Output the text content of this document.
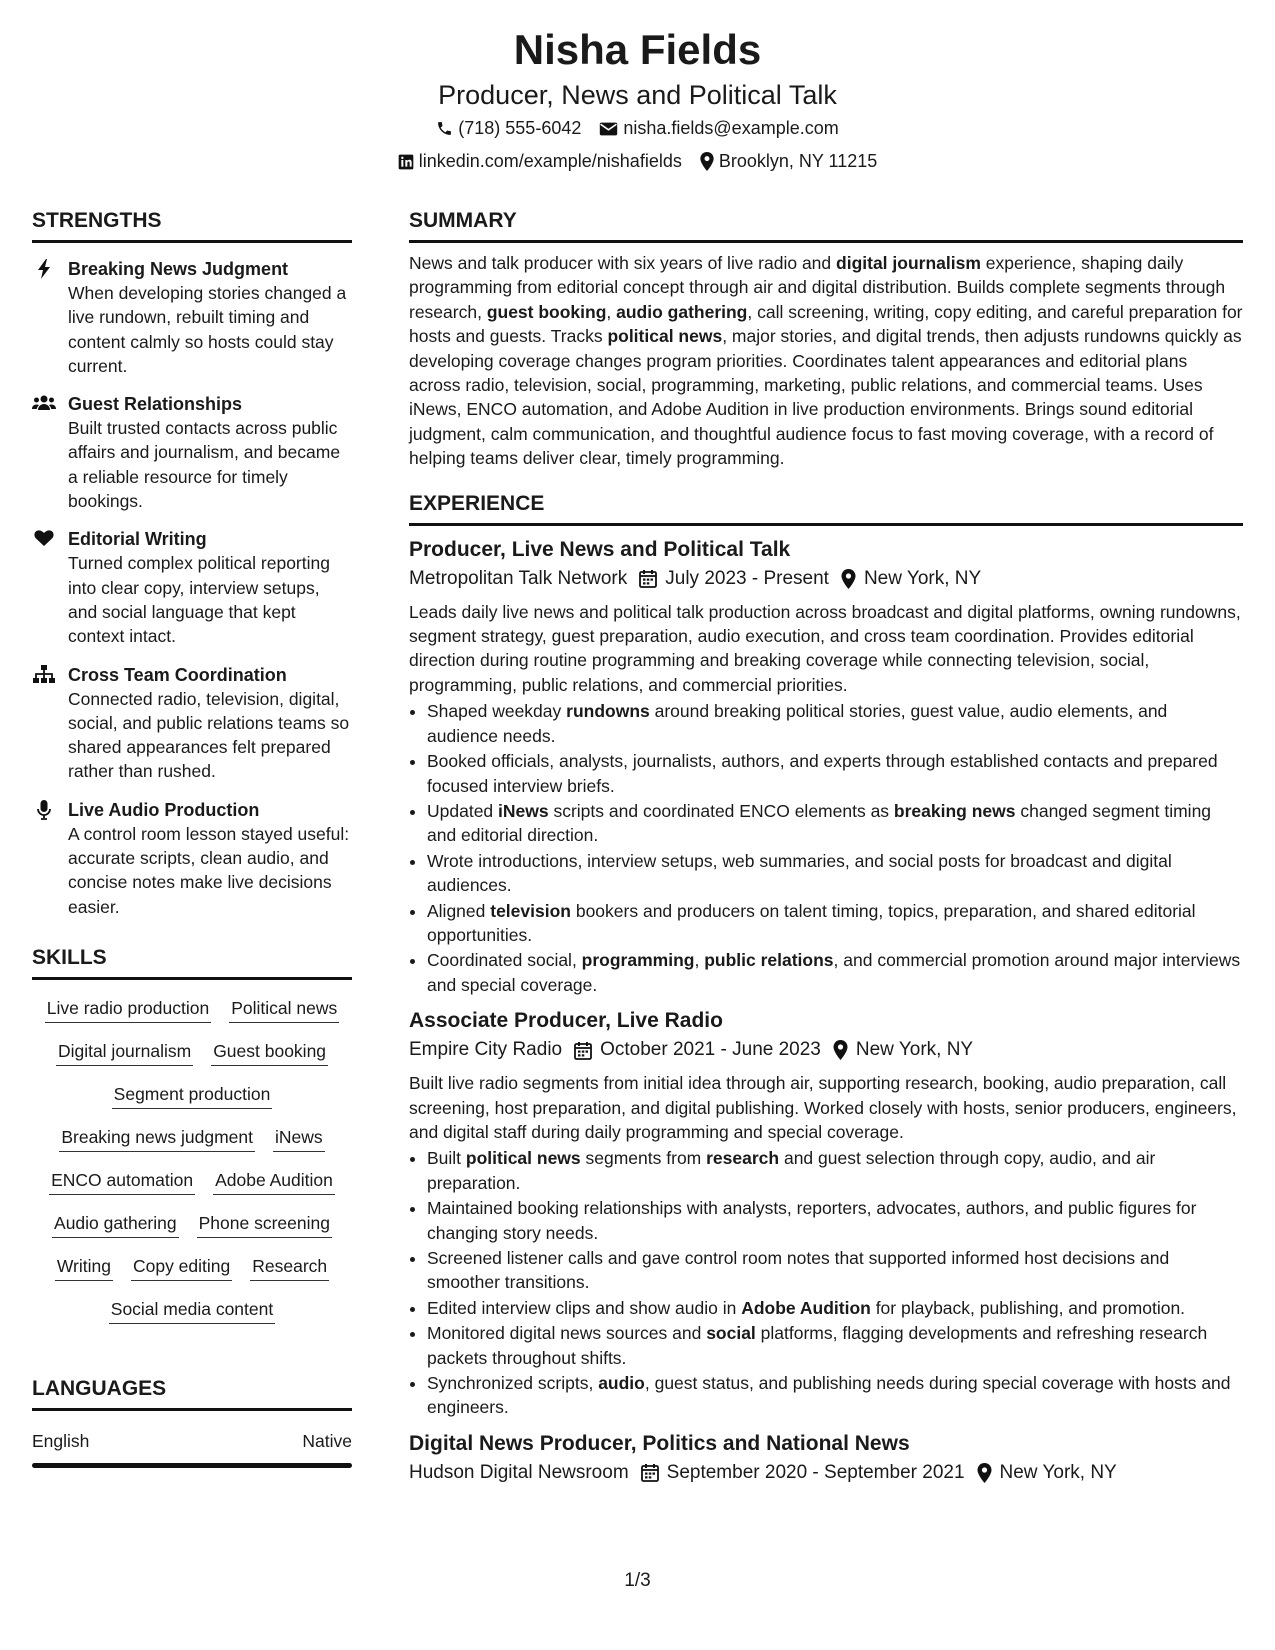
Nisha Fields
Producer, News and Political Talk
(718) 555-6042 nisha.fields@example.com
linkedin.com/example/nishafields Brooklyn, NY 11215
STRENGTHS
Breaking News Judgment
When developing stories changed a live rundown, rebuilt timing and content calmly so hosts could stay current.
Guest Relationships
Built trusted contacts across public affairs and journalism, and became a reliable resource for timely bookings.
Editorial Writing
Turned complex political reporting into clear copy, interview setups, and social language that kept context intact.
Cross Team Coordination
Connected radio, television, digital, social, and public relations teams so shared appearances felt prepared rather than rushed.
Live Audio Production
A control room lesson stayed useful: accurate scripts, clean audio, and concise notes make live decisions easier.
SKILLS
Live radio production Political news
Digital journalism Guest booking
Segment production
Breaking news judgment iNews
ENCO automation Adobe Audition
Audio gathering Phone screening
Writing Copy editing Research
Social media content
LANGUAGES
English	Native
SUMMARY
News and talk producer with six years of live radio and digital journalism experience, shaping daily programming from editorial concept through air and digital distribution. Builds complete segments through research, guest booking, audio gathering, call screening, writing, copy editing, and careful preparation for hosts and guests. Tracks political news, major stories, and digital trends, then adjusts rundowns quickly as developing coverage changes program priorities. Coordinates talent appearances and editorial plans across radio, television, social, programming, marketing, public relations, and commercial teams. Uses iNews, ENCO automation, and Adobe Audition in live production environments. Brings sound editorial judgment, calm communication, and thoughtful audience focus to fast moving coverage, with a record of helping teams deliver clear, timely programming.
EXPERIENCE
Producer, Live News and Political Talk
Metropolitan Talk Network July 2023 - Present New York, NY
Leads daily live news and political talk production across broadcast and digital platforms, owning rundowns, segment strategy, guest preparation, audio execution, and cross team coordination. Provides editorial direction during routine programming and breaking coverage while connecting television, social, programming, public relations, and commercial priorities.
• Shaped weekday rundowns around breaking political stories, guest value, audio elements, and audience needs.
• Booked officials, analysts, journalists, authors, and experts through established contacts and prepared focused interview briefs.
• Updated iNews scripts and coordinated ENCO elements as breaking news changed segment timing and editorial direction.
• Wrote introductions, interview setups, web summaries, and social posts for broadcast and digital audiences.
• Aligned television bookers and producers on talent timing, topics, preparation, and shared editorial opportunities.
• Coordinated social, programming, public relations, and commercial promotion around major interviews and special coverage.
Associate Producer, Live Radio
Empire City Radio October 2021 - June 2023 New York, NY
Built live radio segments from initial idea through air, supporting research, booking, audio preparation, call screening, host preparation, and digital publishing. Worked closely with hosts, senior producers, engineers, and digital staff during daily programming and special coverage.
• Built political news segments from research and guest selection through copy, audio, and air preparation.
• Maintained booking relationships with analysts, reporters, advocates, authors, and public figures for changing story needs.
• Screened listener calls and gave control room notes that supported informed host decisions and smoother transitions.
• Edited interview clips and show audio in Adobe Audition for playback, publishing, and promotion.
• Monitored digital news sources and social platforms, flagging developments and refreshing research packets throughout shifts.
• Synchronized scripts, audio, guest status, and publishing needs during special coverage with hosts and engineers.
Digital News Producer, Politics and National News
Hudson Digital Newsroom September 2020 - September 2021 New York, NY
1/3
